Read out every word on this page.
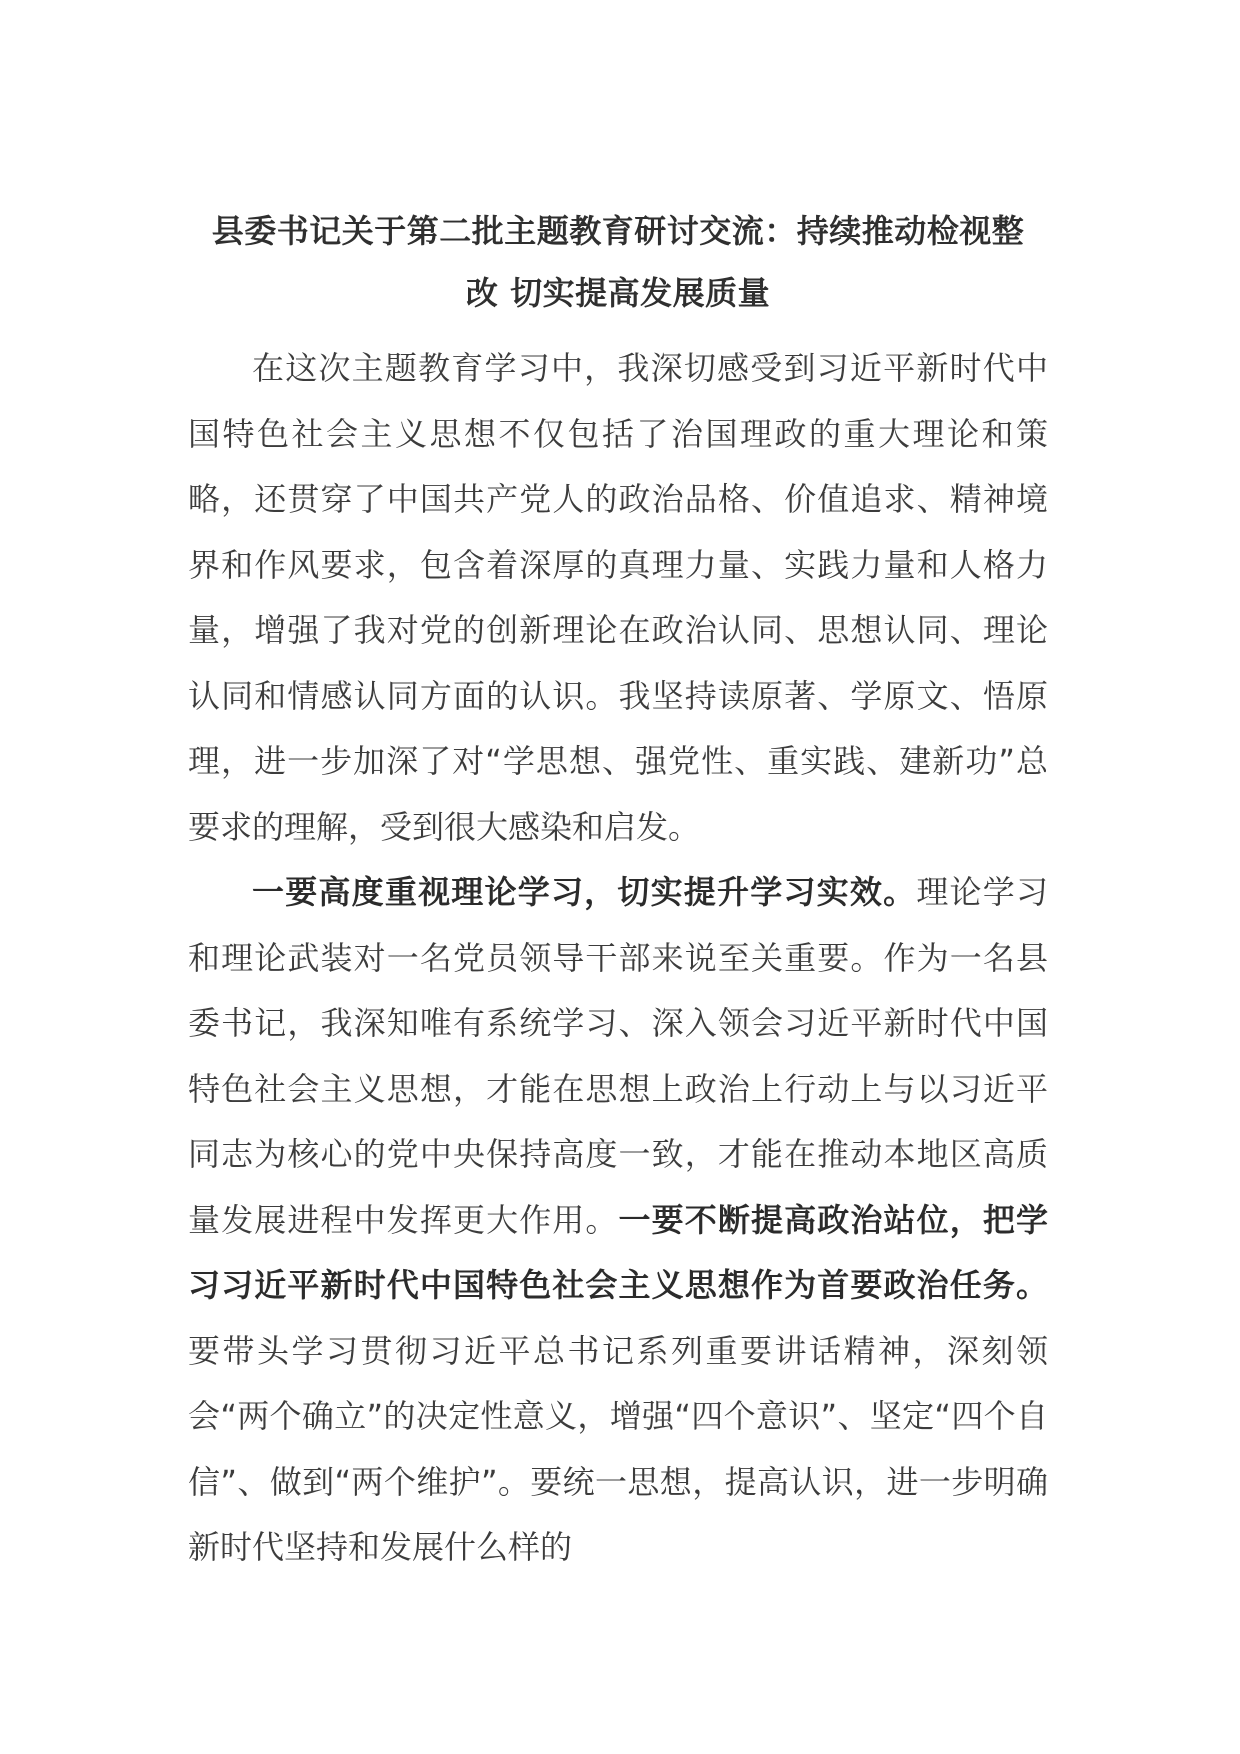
县委书记关于第二批主题教育研讨交流：持续推动检视整
改 切实提高发展质量

在这次主题教育学习中，我深切感受到习近平新时代中国特色社会主义思想不仅包括了治国理政的重大理论和策略，还贯穿了中国共产党人的政治品格、价值追求、精神境界和作风要求，包含着深厚的真理力量、实践力量和人格力量，增强了我对党的创新理论在政治认同、思想认同、理论认同和情感认同方面的认识。我坚持读原著、学原文、悟原理，进一步加深了对“学思想、强党性、重实践、建新功”总要求的理解，受到很大感染和启发。

一要高度重视理论学习，切实提升学习实效。理论学习和理论武装对一名党员领导干部来说至关重要。作为一名县委书记，我深知唯有系统学习、深入领会习近平新时代中国特色社会主义思想，才能在思想上政治上行动上与以习近平同志为核心的党中央保持高度一致，才能在推动本地区高质量发展进程中发挥更大作用。一要不断提高政治站位，把学习习近平新时代中国特色社会主义思想作为首要政治任务。要带头学习贯彻习近平总书记系列重要讲话精神，深刻领会“两个确立”的决定性意义，增强“四个意识”、坚定“四个自信”、做到“两个维护”。要统一思想，提高认识，进一步明确新时代坚持和发展什么样的
